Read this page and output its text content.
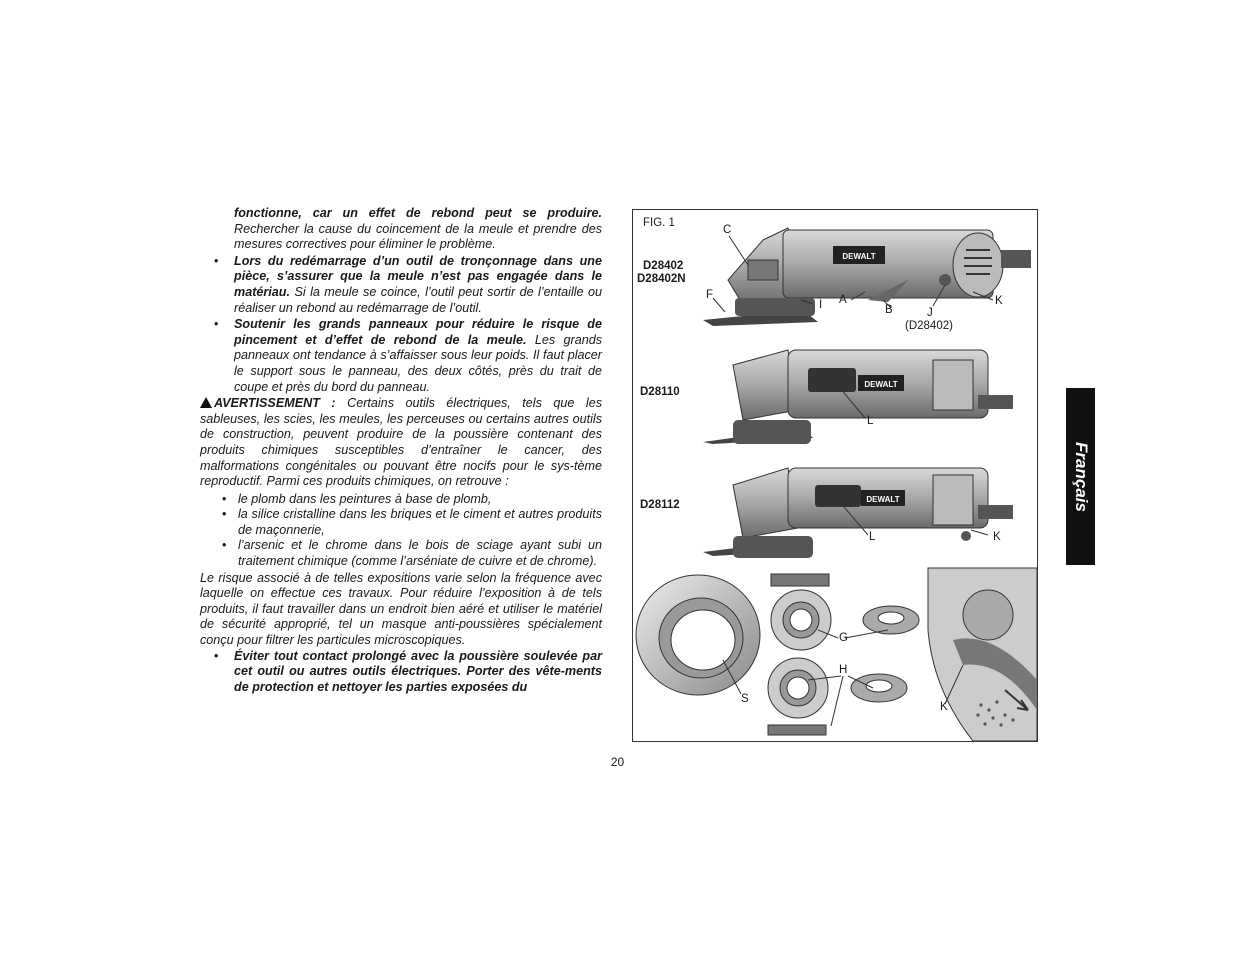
fonctionne, car un effet de rebond peut se produire. Rechercher la cause du coincement de la meule et prendre des mesures correctives pour éliminer le problème.

• Lors du redémarrage d’un outil de tronçonnage dans une pièce, s’assurer que la meule n’est pas engagée dans le matériau. Si la meule se coince, l’outil peut sortir de l’entaille ou réaliser un rebond au redémarrage de l’outil.

• Soutenir les grands panneaux pour réduire le risque de pincement et d’effet de rebond de la meule. Les grands panneaux ont tendance à s’affaisser sous leur poids. Il faut placer le support sous le panneau, des deux côtés, près du trait de coupe et près du bord du panneau.

AVERTISSEMENT : Certains outils électriques, tels que les sableuses, les scies, les meules, les perceuses ou certains autres outils de construction, peuvent produire de la poussière contenant des produits chimiques susceptibles d’entraîner le cancer, des malformations congénitales ou pouvant être nocifs pour le sys-tème reproductif. Parmi ces produits chimiques, on retrouve :

• le plomb dans les peintures à base de plomb,

• la silice cristalline dans les briques et le ciment et autres produits de maçonnerie,

• l’arsenic et le chrome dans le bois de sciage ayant subi un traitement chimique (comme l’arséniate de cuivre et de chrome).

Le risque associé à de telles expositions varie selon la fréquence avec laquelle on effectue ces travaux. Pour réduire l’exposition à de tels produits, il faut travailler dans un endroit bien aéré et utiliser le matériel de sécurité approprié, tel un masque anti-poussières spécialement conçu pour filtrer les particules microscopiques.

• Éviter tout contact prolongé avec la poussière soulevée par cet outil ou autres outils électriques. Porter des vête-ments de protection et nettoyer les parties exposées du

DEWALT
DEWALT
DEWALT
FIG. 1
D28402
D28402N
D28110
D28112
C
F
I A
B	J
(D28402)
K
L
L	K
G
H
S
K
20
Français
